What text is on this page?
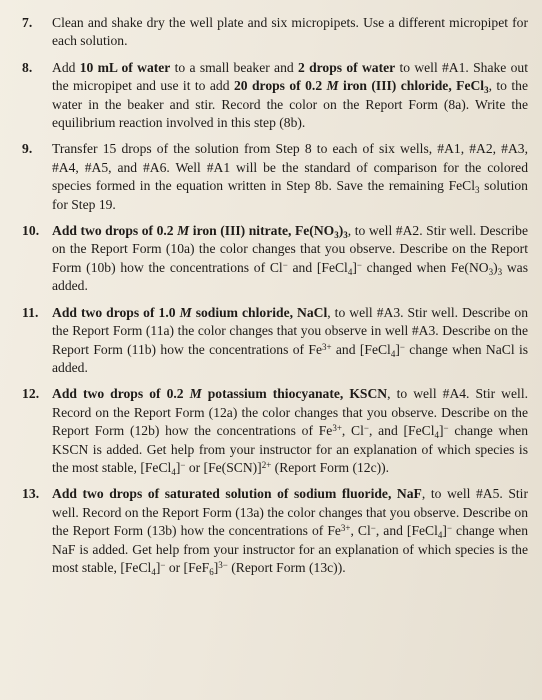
7.	Clean and shake dry the well plate and six micropipets. Use a different micropipet for each solution.
8.	Add 10 mL of water to a small beaker and 2 drops of water to well #A1. Shake out the micropipet and use it to add 20 drops of 0.2 M iron (III) chloride, FeCl$_3$, to the water in the beaker and stir. Record the color on the Report Form (8a). Write the equilibrium reaction involved in this step (8b).
9.	Transfer 15 drops of the solution from Step 8 to each of six wells, #A1, #A2, #A3, #A4, #A5, and #A6. Well #A1 will be the standard of comparison for the colored species formed in the equation written in Step 8b. Save the remaining FeCl$_3$ solution for Step 19.
10. Add two drops of 0.2 M iron (III) nitrate, $Fe(NO_3)_3$, to well #A2. Stir well. Describe on the Report Form (10a) the color changes that you observe. Describe on the Report Form (10b) how the concentrations of Cl− and [FeCl$_4$]− changed when $Fe(NO_3)_3$ was added.
11. Add two drops of 1.0 M sodium chloride, NaCl, to well #A3. Stir well. Describe on the Report Form (11a) the color changes that you observe in well #A3. Describe on the Report Form (11b) how the concentrations of $Fe^{3+}$ and [FeCl$_4$]− change when NaCl is added.
12. Add two drops of 0.2 M potassium thiocyanate, KSCN, to well #A4. Stir well. Record on the Report Form (12a) the color changes that you observe. Describe on the Report Form (12b) how the concentrations of $Fe^{3+}$, Cl−, and [FeCl$_4$]− change when KSCN is added. Get help from your instructor for an explanation of which species is the most stable, [FeCl$_4$]− or $[Fe(SCN)]^{2+}$ (Report Form (12c)).
13. Add two drops of saturated solution of sodium fluoride, NaF, to well #A5. Stir well. Record on the Report Form (13a) the color changes that you observe. Describe on the Report Form (13b) how the concentrations of $Fe^{3+}$, Cl−, and [FeCl$_4$]− change when NaF is added. Get help from your instructor for an explanation of which species is the most stable, [FeCl$_4$]− or $[FeF_6]^{3-}$ (Report Form (13c)).
